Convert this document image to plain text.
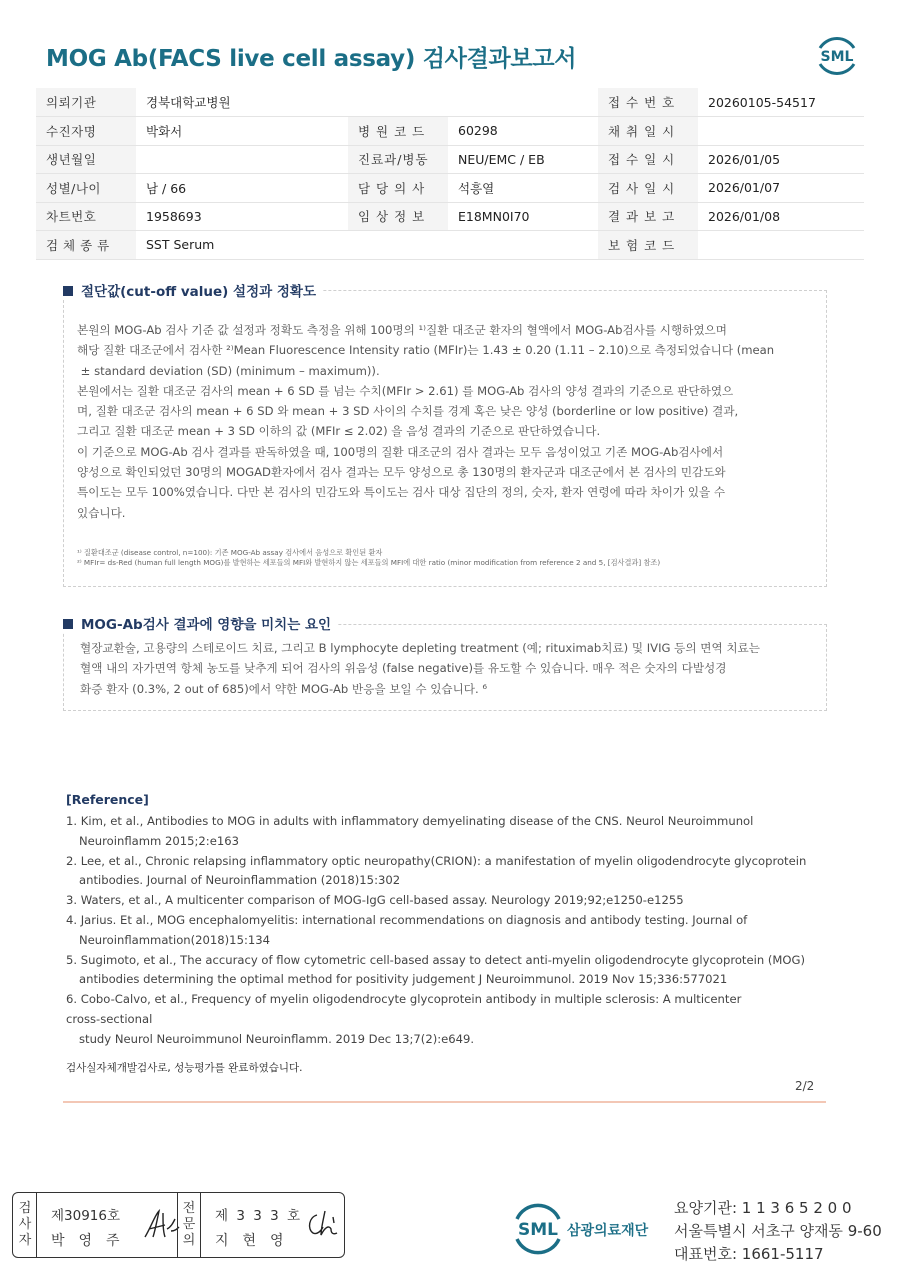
MOG Ab(FACS live cell assay) 검사결과보고서	SML
의뢰기관	경북대학교병원			접 수 번 호	20260105-54517
수진자명	박화서	병 원 코 드	60298	채 취 일 시	
생년월일		진료과/병동	NEU/EMC / EB	접 수 일 시	2026/01/05
성별/나이	남 / 66	담 당 의 사	석흥열	검 사 일 시	2026/01/07
차트번호	1958693	임 상 정 보	E18MN0I70	결 과 보 고	2026/01/08
검 체 종 류	SST Serum			보 험 코 드	
절단값(cut-off value) 설정과 정확도
본원의 MOG-Ab 검사 기준 값 설정과 정확도 측정을 위해 100명의 ¹⁾질환 대조군 환자의 혈액에서 MOG-Ab검사를 시행하였으며
해당 질환 대조군에서 검사한 ²⁾Mean Fluorescence Intensity ratio (MFIr)는 1.43 ± 0.20 (1.11 – 2.10)으로 측정되었습니다 (mean
± standard deviation (SD) (minimum – maximum)).
본원에서는 질환 대조군 검사의 mean + 6 SD 를 넘는 수치(MFIr > 2.61) 를 MOG-Ab 검사의 양성 결과의 기준으로 판단하였으
며, 질환 대조군 검사의 mean + 6 SD 와 mean + 3 SD 사이의 수치를 경계 혹은 낮은 양성 (borderline or low positive) 결과,
그리고 질환 대조군 mean + 3 SD 이하의 값 (MFIr ≤ 2.02) 을 음성 결과의 기준으로 판단하였습니다.
이 기준으로 MOG-Ab 검사 결과를 판독하였을 때, 100명의 질환 대조군의 검사 결과는 모두 음성이었고 기존 MOG-Ab검사에서
양성으로 확인되었던 30명의 MOGAD환자에서 검사 결과는 모두 양성으로 총 130명의 환자군과 대조군에서 본 검사의 민감도와
특이도는 모두 100%였습니다. 다만 본 검사의 민감도와 특이도는 검사 대상 집단의 정의, 숫자, 환자 연령에 따라 차이가 있을 수
있습니다.
¹⁾ 질환대조군 (disease control, n=100): 기존 MOG-Ab assay 검사에서 음성으로 확인된 환자
²⁾ MFIr= ds-Red (human full length MOG)를 발현하는 세포들의 MFI와 발현하지 않는 세포들의 MFI에 대한 ratio (minor modification from reference 2 and 5, [검사결과] 참조)
MOG-Ab검사 결과에 영향을 미치는 요인
혈장교환술, 고용량의 스테로이드 치료, 그리고 B lymphocyte depleting treatment (예; rituximab치료) 및 IVIG 등의 면역 치료는
혈액 내의 자가면역 항체 농도를 낮추게 되어 검사의 위음성 (false negative)를 유도할 수 있습니다. 매우 적은 숫자의 다발성경
화증 환자 (0.3%, 2 out of 685)에서 약한 MOG-Ab 반응을 보일 수 있습니다. ⁶
[Reference]

1. Kim, et al., Antibodies to MOG in adults with inflammatory demyelinating disease of the CNS. Neurol Neuroimmunol

Neuroinflamm 2015;2:e163

2. Lee, et al., Chronic relapsing inflammatory optic neuropathy(CRION): a manifestation of myelin oligodendrocyte glycoprotein

antibodies. Journal of Neuroinflammation (2018)15:302

3. Waters, et al., A multicenter comparison of MOG-IgG cell-based assay. Neurology 2019;92;e1250-e1255

4. Jarius. Et al., MOG encephalomyelitis: international recommendations on diagnosis and antibody testing. Journal of

Neuroinflammation(2018)15:134

5. Sugimoto, et al., The accuracy of flow cytometric cell-based assay to detect anti-myelin oligodendrocyte glycoprotein (MOG)

antibodies determining the optimal method for positivity judgement J Neuroimmunol. 2019 Nov 15;336:577021

6. Cobo-Calvo, et al., Frequency of myelin oligodendrocyte glycoprotein antibody in multiple sclerosis: A multicenter

cross-sectional

study Neurol Neuroimmunol Neuroinflamm. 2019 Dec 13;7(2):e649.

검사실자체개발검사로, 성능평가를 완료하였습니다.
2/2
검
사
자
제30916호
박영주
전
문
의
제 3 3 3 호
지현영
SML 삼광의료재단
요양기관: 1 1 3 6 5 2 0 0
서울특별시 서초구 양재동 9-60
대표번호: 1661-5117
